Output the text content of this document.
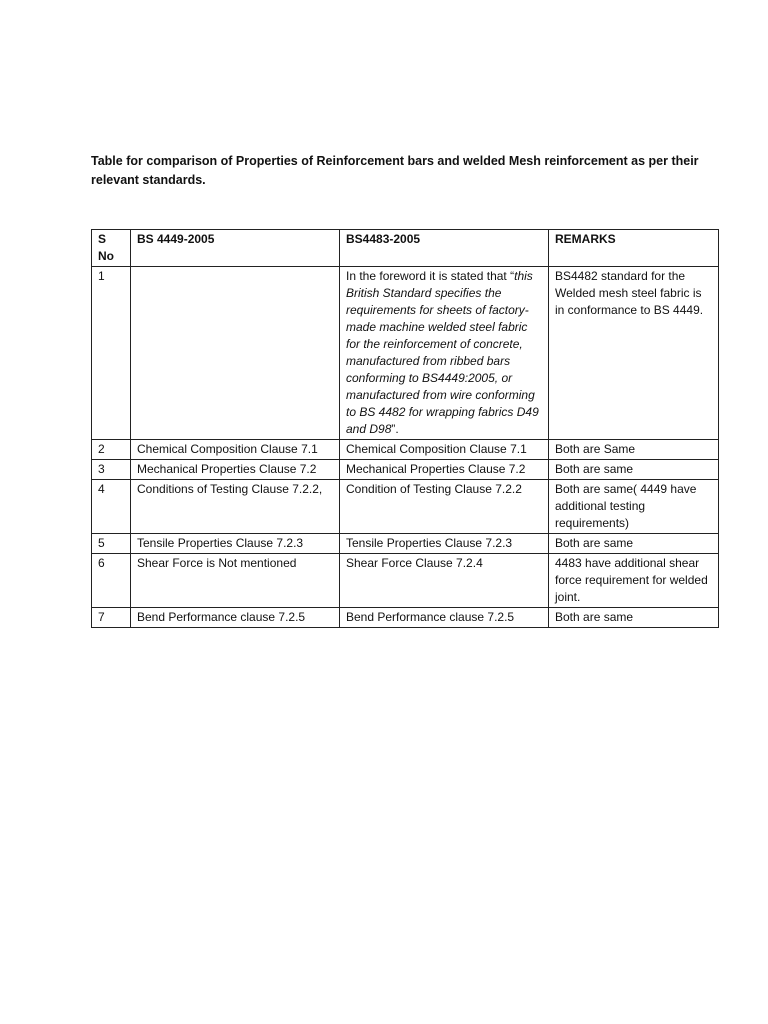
Table for comparison of Properties of Reinforcement bars and welded Mesh reinforcement as per their relevant standards.
S No	BS 4449-2005	BS4483-2005	REMARKS
1		In the foreword it is stated that “this British Standard specifies the requirements for sheets of factory-made machine welded steel fabric for the reinforcement of concrete, manufactured from ribbed bars conforming to BS4449:2005, or manufactured from wire conforming to BS 4482 for wrapping fabrics D49 and D98”.	BS4482 standard for the Welded mesh steel fabric is in conformance to BS 4449.
2	Chemical Composition Clause 7.1	Chemical Composition Clause 7.1	Both are Same
3	Mechanical Properties Clause 7.2	Mechanical Properties Clause 7.2	Both are same
4	Conditions of Testing Clause 7.2.2,	Condition of Testing Clause 7.2.2	Both are same( 4449 have additional testing requirements)
5	Tensile Properties Clause 7.2.3	Tensile Properties Clause 7.2.3	Both are same
6	Shear Force is Not mentioned	Shear Force Clause 7.2.4	4483 have additional shear force requirement for welded joint.
7	Bend Performance clause 7.2.5	Bend Performance clause 7.2.5	Both are same
